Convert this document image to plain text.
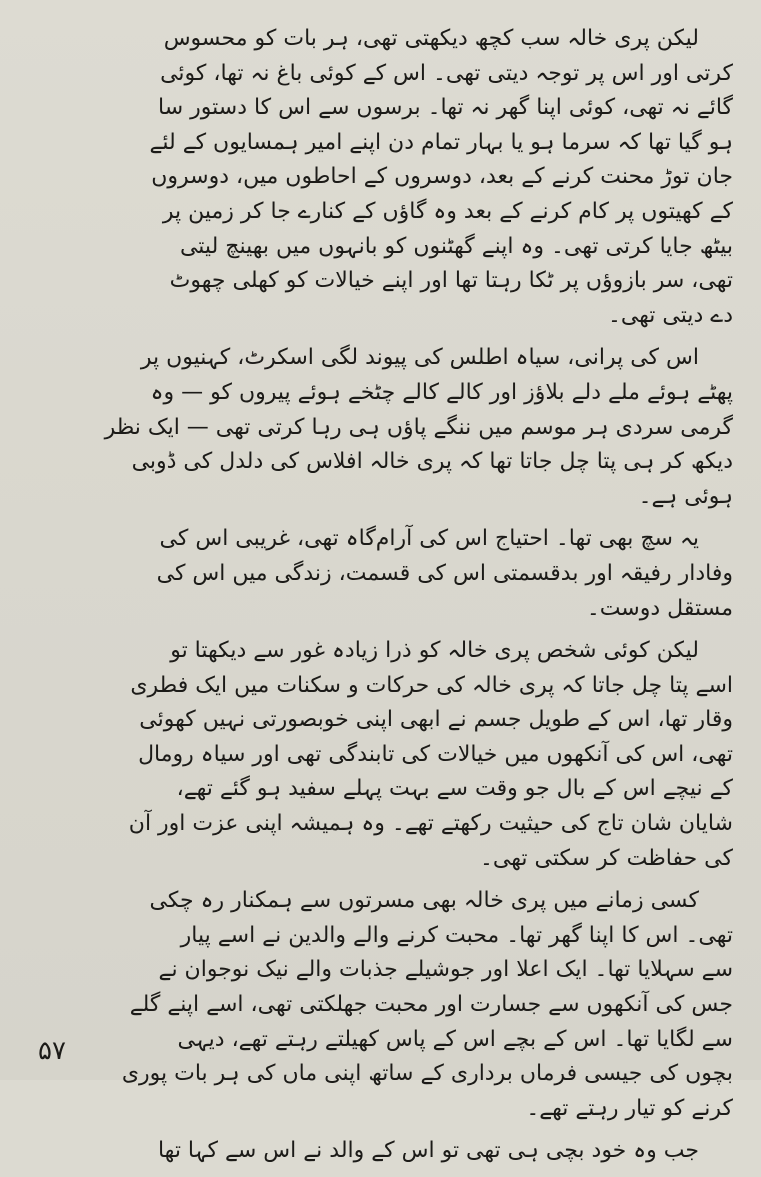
لیکن پری خالہ سب کچھ دیکھتی تھی، ہر بات کو محسوس
کرتی اور اس پر توجہ دیتی تھی۔ اس کے کوئی باغ نہ تھا، کوئی
گائے نہ تھی، کوئی اپنا گھر نہ تھا۔ برسوں سے اس کا دستور سا
ہو گیا تھا کہ سرما ہو یا بہار تمام دن اپنے امیر ہمسایوں کے لئے
جان توڑ محنت کرنے کے بعد، دوسروں کے احاطوں میں، دوسروں
کے کھیتوں پر کام کرنے کے بعد وہ گاؤں کے کنارے جا کر زمین پر
بیٹھ جایا کرتی تھی۔ وہ اپنے گھٹنوں کو بانہوں میں بھینچ لیتی
تھی، سر بازوؤں پر ٹکا رہتا تھا اور اپنے خیالات کو کھلی چھوٹ
دے دیتی تھی۔

اس کی پرانی، سیاہ اطلس کی پیوند لگی اسکرٹ، کہنیوں پر
پھٹے ہوئے ملے دلے بلاؤز اور کالے کالے چٹخے ہوئے پیروں کو — وہ
گرمی سردی ہر موسم میں ننگے پاؤں ہی رہا کرتی تھی — ایک نظر
دیکھ کر ہی پتا چل جاتا تھا کہ پری خالہ افلاس کی دلدل کی ڈوبی
ہوئی ہے۔

یہ سچ بھی تھا۔ احتیاج اس کی آرام‌گاہ تھی، غریبی اس کی
وفادار رفیقہ اور بدقسمتی اس کی قسمت، زندگی میں اس کی
مستقل دوست۔

لیکن کوئی شخص پری خالہ کو ذرا زیادہ غور سے دیکھتا تو
اسے پتا چل جاتا کہ پری خالہ کی حرکات و سکنات میں ایک فطری
وقار تھا، اس کے طویل جسم نے ابھی اپنی خوبصورتی نہیں کھوئی
تھی، اس کی آنکھوں میں خیالات کی تابندگی تھی اور سیاہ رومال
کے نیچے اس کے بال جو وقت سے بہت پہلے سفید ہو گئے تھے،
شایان شان تاج کی حیثیت رکھتے تھے۔ وہ ہمیشہ اپنی عزت اور آن
کی حفاظت کر سکتی تھی۔

کسی زمانے میں پری خالہ بھی مسرتوں سے ہمکنار رہ چکی
تھی۔ اس کا اپنا گھر تھا۔ محبت کرنے والے والدین نے اسے پیار
سے سہلایا تھا۔ ایک اعلا اور جوشیلے جذبات والے نیک نوجوان نے
جس کی آنکھوں سے جسارت اور محبت جھلکتی تھی، اسے اپنے گلے
سے لگایا تھا۔ اس کے بچے اس کے پاس کھیلتے رہتے تھے، دیہی
بچوں کی جیسی فرماں برداری کے ساتھ اپنی ماں کی ہر بات پوری
کرنے کو تیار رہتے تھے۔

جب وہ خود بچی ہی تھی تو اس کے والد نے اس سے کہا تھا

۵۷
